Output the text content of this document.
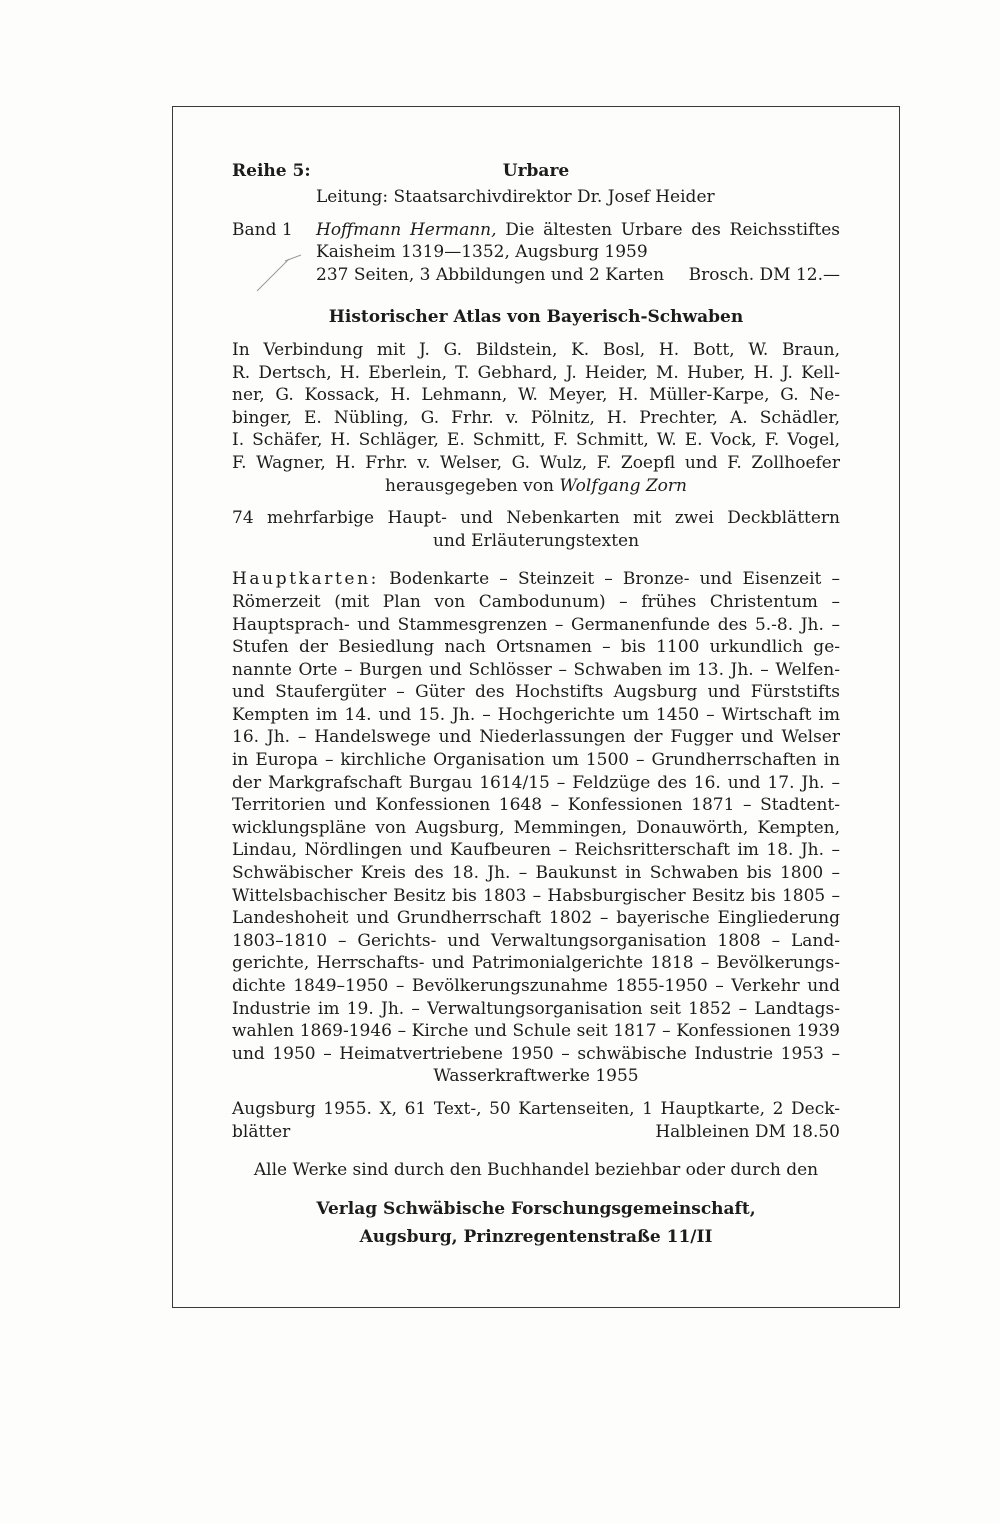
Reihe 5:	Urbare

Leitung: Staatsarchivdirektor Dr. Josef Heider

Band 1	Hoffmann Hermann, Die ältesten Urbare des Reichsstiftes

Kaisheim 1319—1352, Augsburg 1959

237 Seiten, 3 Abbildungen und 2 Karten Brosch. DM 12.—

Historischer Atlas von Bayerisch-Schwaben

In Verbindung mit J. G. Bildstein, K. Bosl, H. Bott, W. Braun,

R. Dertsch, H. Eberlein, T. Gebhard, J. Heider, M. Huber, H. J. Kell-

ner, G. Kossack, H. Lehmann, W. Meyer, H. Müller-Karpe, G. Ne-

binger, E. Nübling, G. Frhr. v. Pölnitz, H. Prechter, A. Schädler,

I. Schäfer, H. Schläger, E. Schmitt, F. Schmitt, W. E. Vock, F. Vogel,

F. Wagner, H. Frhr. v. Welser, G. Wulz, F. Zoepfl und F. Zollhoefer

herausgegeben von Wolfgang Zorn

74 mehrfarbige Haupt- und Nebenkarten mit zwei Deckblättern

und Erläuterungstexten

Hauptkarten: Bodenkarte – Steinzeit – Bronze- und Eisenzeit –

Römerzeit (mit Plan von Cambodunum) – frühes Christentum –

Hauptsprach- und Stammesgrenzen – Germanenfunde des 5.-8. Jh. –

Stufen der Besiedlung nach Ortsnamen – bis 1100 urkundlich ge-

nannte Orte – Burgen und Schlösser – Schwaben im 13. Jh. – Welfen-

und Staufergüter – Güter des Hochstifts Augsburg und Fürststifts

Kempten im 14. und 15. Jh. – Hochgerichte um 1450 – Wirtschaft im

16. Jh. – Handelswege und Niederlassungen der Fugger und Welser

in Europa – kirchliche Organisation um 1500 – Grundherrschaften in

der Markgrafschaft Burgau 1614/15 – Feldzüge des 16. und 17. Jh. –

Territorien und Konfessionen 1648 – Konfessionen 1871 – Stadtent-

wicklungspläne von Augsburg, Memmingen, Donauwörth, Kempten,

Lindau, Nördlingen und Kaufbeuren – Reichsritterschaft im 18. Jh. –

Schwäbischer Kreis des 18. Jh. – Baukunst in Schwaben bis 1800 –

Wittelsbachischer Besitz bis 1803 – Habsburgischer Besitz bis 1805 –

Landeshoheit und Grundherrschaft 1802 – bayerische Eingliederung

1803–1810 – Gerichts- und Verwaltungsorganisation 1808 – Land-

gerichte, Herrschafts- und Patrimonialgerichte 1818 – Bevölkerungs-

dichte 1849–1950 – Bevölkerungszunahme 1855-1950 – Verkehr und

Industrie im 19. Jh. – Verwaltungsorganisation seit 1852 – Landtags-

wahlen 1869-1946 – Kirche und Schule seit 1817 – Konfessionen 1939

und 1950 – Heimatvertriebene 1950 – schwäbische Industrie 1953 –

Wasserkraftwerke 1955

Augsburg 1955. X, 61 Text-, 50 Kartenseiten, 1 Hauptkarte, 2 Deck-

blätter	Halbleinen DM 18.50

Alle Werke sind durch den Buchhandel beziehbar oder durch den

Verlag Schwäbische Forschungsgemeinschaft,

Augsburg, Prinzregentenstraße 11/II
